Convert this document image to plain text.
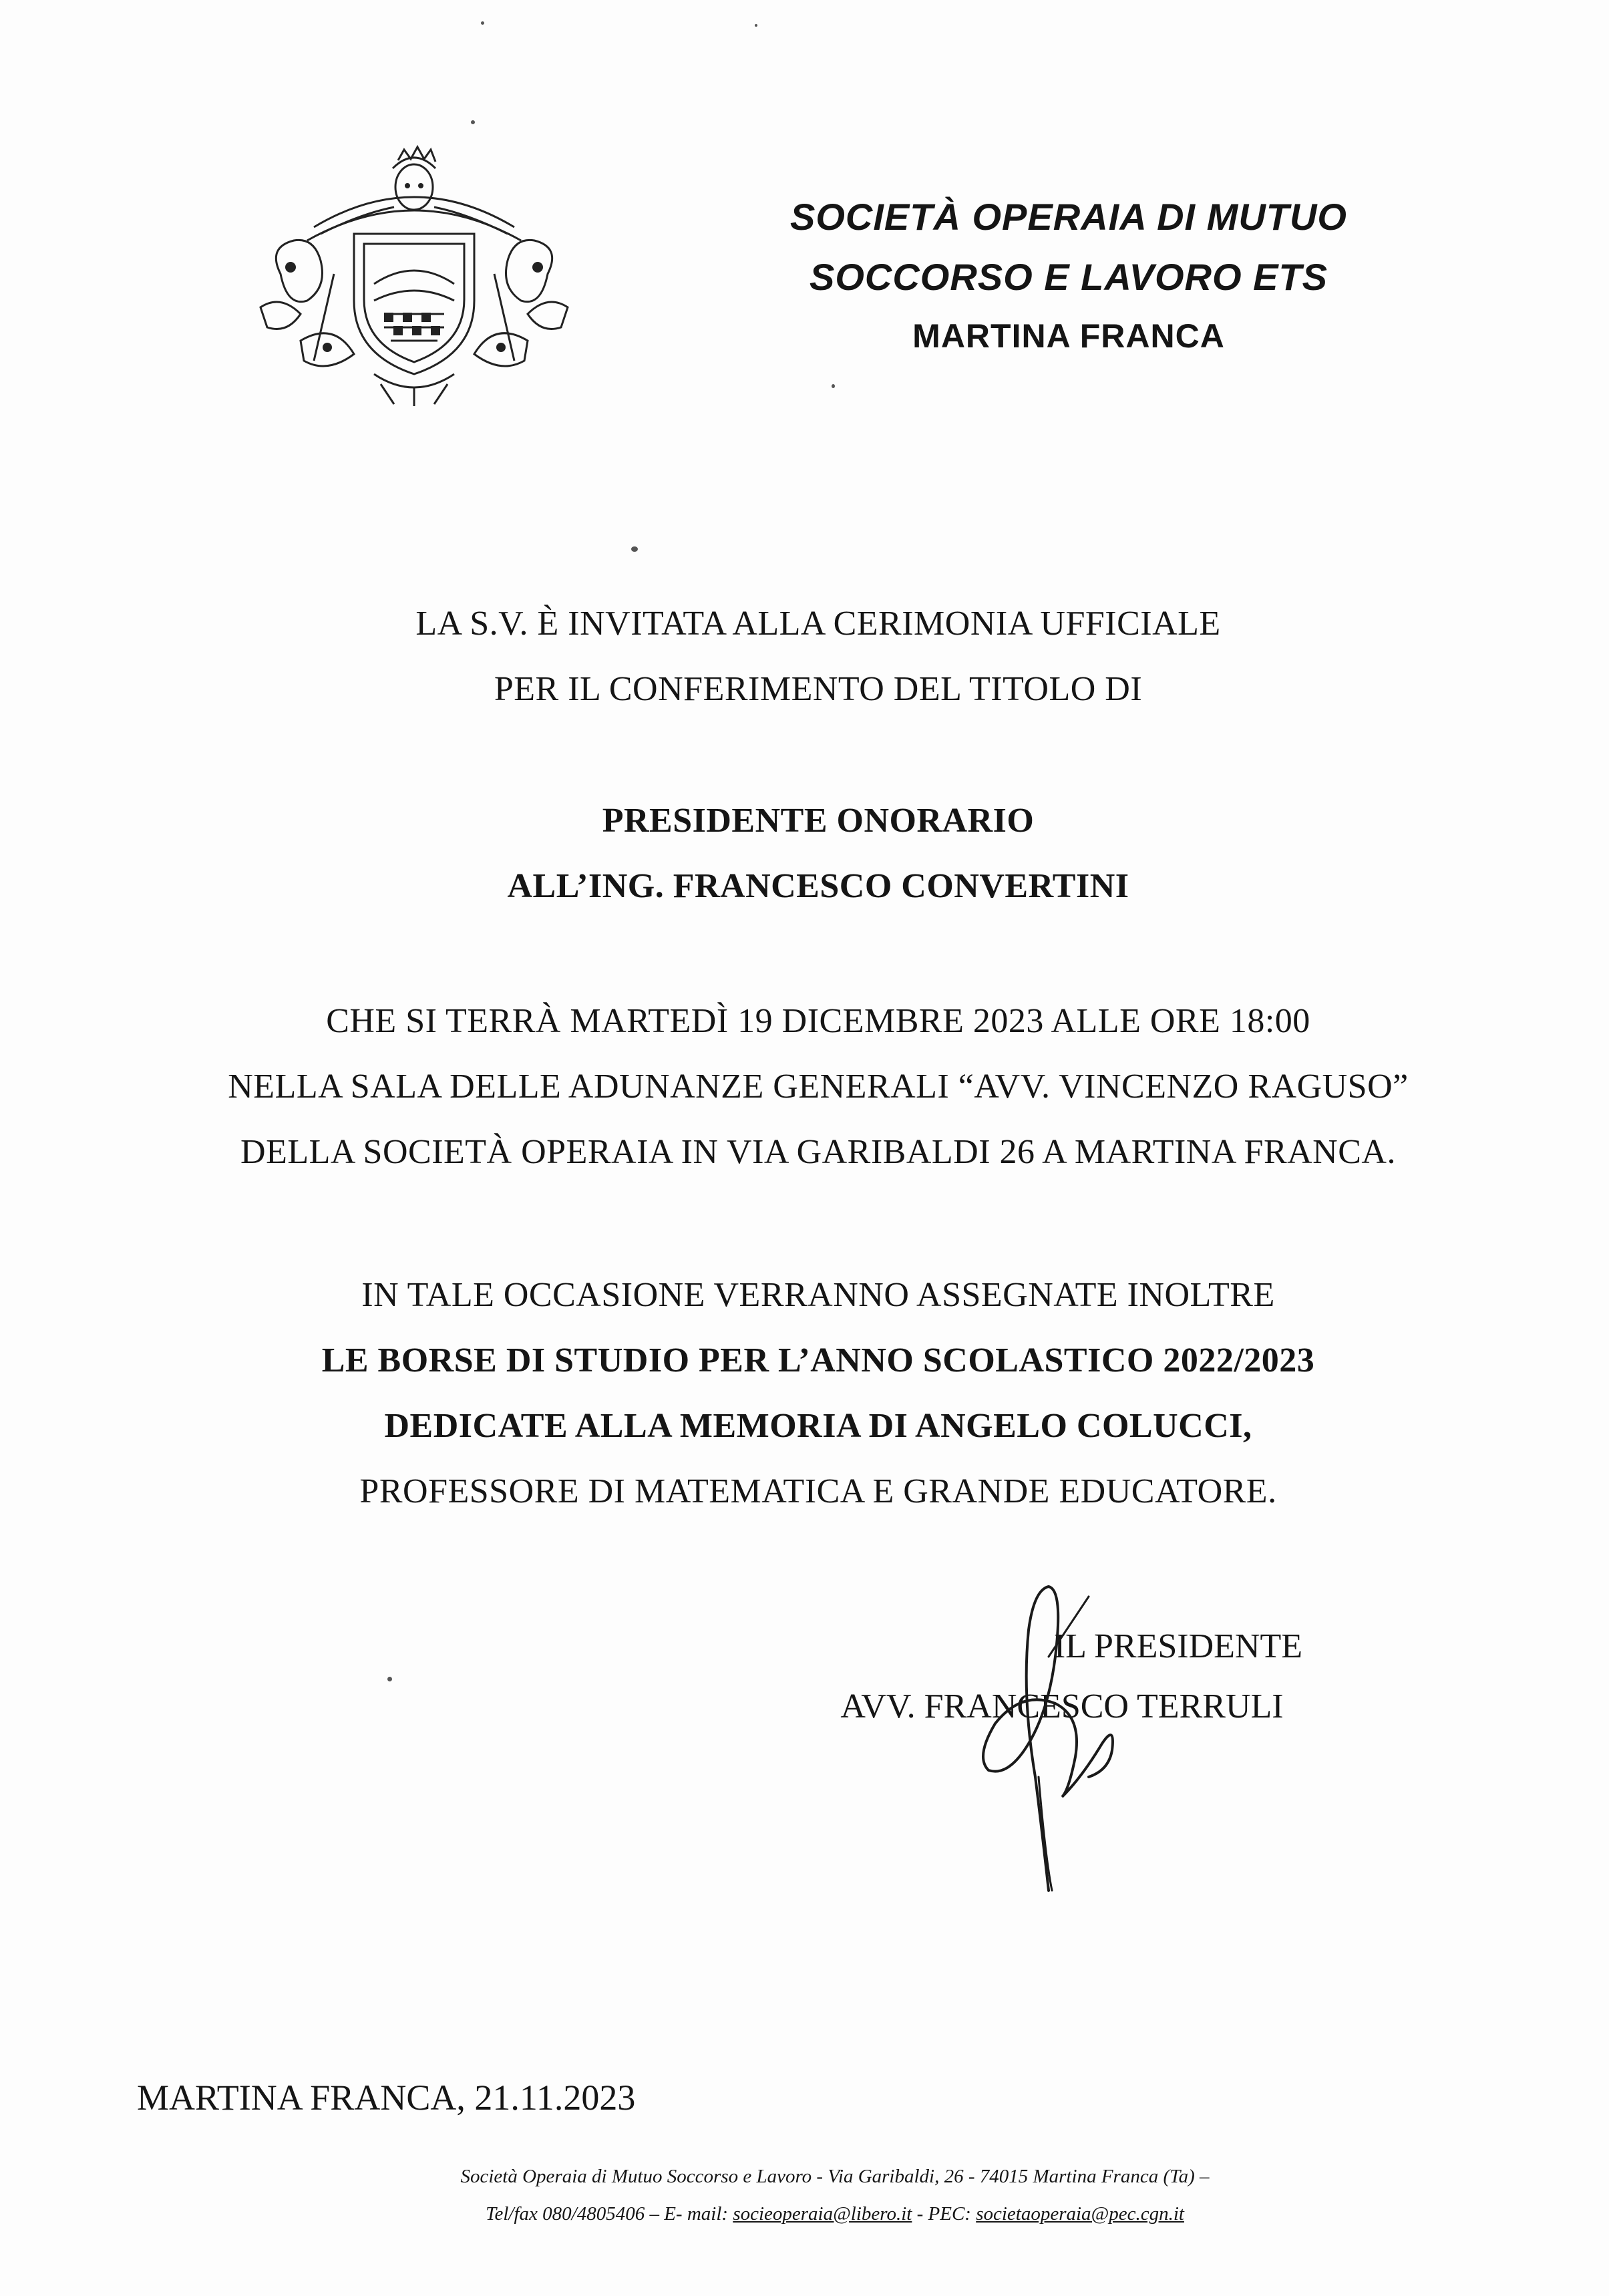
SOCIETÀ OPERAIA DI MUTUO
SOCCORSO E LAVORO ETS
MARTINA FRANCA
LA S.V. È INVITATA ALLA CERIMONIA UFFICIALE
PER IL CONFERIMENTO DEL TITOLO DI
PRESIDENTE ONORARIO
ALL’ING. FRANCESCO CONVERTINI
CHE SI TERRÀ MARTEDÌ 19 DICEMBRE 2023 ALLE ORE 18:00
NELLA SALA DELLE ADUNANZE GENERALI “AVV. VINCENZO RAGUSO”
DELLA SOCIETÀ OPERAIA IN VIA GARIBALDI 26 A MARTINA FRANCA.
IN TALE OCCASIONE VERRANNO ASSEGNATE INOLTRE
LE BORSE DI STUDIO PER L’ANNO SCOLASTICO 2022/2023
DEDICATE ALLA MEMORIA DI ANGELO COLUCCI,
PROFESSORE DI MATEMATICA E GRANDE EDUCATORE.
IL PRESIDENTE
AVV. FRANCESCO TERRULI
MARTINA FRANCA, 21.11.2023
Società Operaia di Mutuo Soccorso e Lavoro - Via Garibaldi, 26 - 74015 Martina Franca (Ta) –
Tel/fax 080/4805406 – E- mail: socieoperaia@libero.it - PEC: societaoperaia@pec.cgn.it
